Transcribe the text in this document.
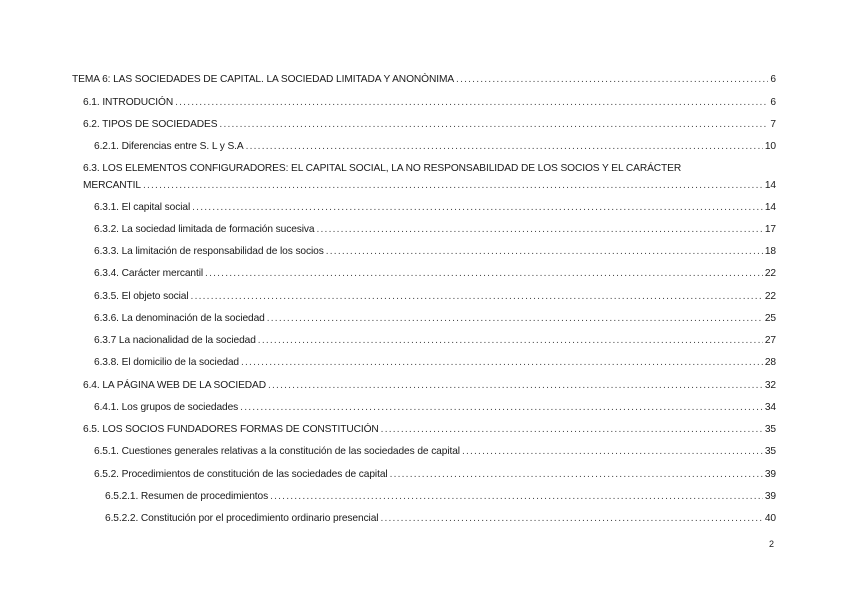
TEMA 6: LAS SOCIEDADES DE CAPITAL. LA SOCIEDAD LIMITADA Y ANONÒNIMA .....	6
6.1. INTRODUCIÓN .....	6
6.2. TIPOS DE SOCIEDADES .....	7
6.2.1. Diferencias entre S. L y S.A .....	10
6.3. LOS ELEMENTOS CONFIGURADORES: EL CAPITAL SOCIAL, LA NO RESPONSABILIDAD DE LOS SOCIOS Y EL CARÁCTER
MERCANTIL .....	14
6.3.1. El capital social .....	14
6.3.2. La sociedad limitada de formación sucesiva .....	17
6.3.3. La limitación de responsabilidad de los socios .....	18
6.3.4. Carácter mercantil .....	22
6.3.5. El objeto social .....	22
6.3.6. La denominación de la sociedad .....	25
6.3.7 La nacionalidad de la sociedad .....	27
6.3.8. El domicilio de la sociedad .....	28
6.4. LA PÁGINA WEB DE LA SOCIEDAD .....	32
6.4.1. Los grupos de sociedades .....	34
6.5. LOS SOCIOS FUNDADORES FORMAS DE CONSTITUCIÓN .....	35
6.5.1. Cuestiones generales relativas a la constitución de las sociedades de capital .....	35
6.5.2. Procedimientos de constitución de las sociedades de capital .....	39
6.5.2.1. Resumen de procedimientos .....	39
6.5.2.2. Constitución por el procedimiento ordinario presencial .....	40
2
